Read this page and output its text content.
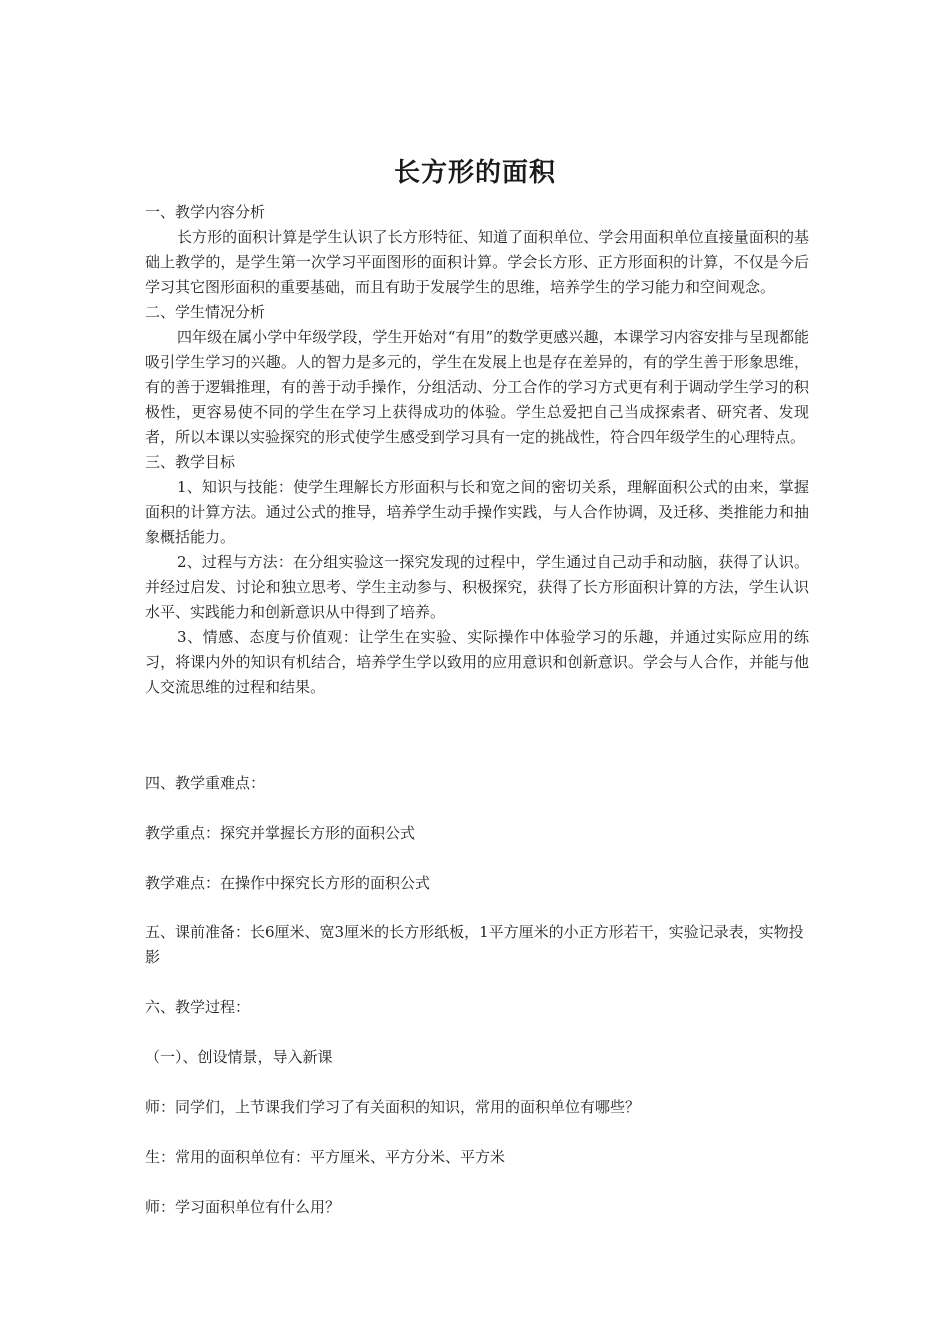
长方形的面积

一、教学内容分析

长方形的面积计算是学生认识了长方形特征、知道了面积单位、学会用面积单位直接量面积的基础上教学的，是学生第一次学习平面图形的面积计算。学会长方形、正方形面积的计算，不仅是今后学习其它图形面积的重要基础，而且有助于发展学生的思维，培养学生的学习能力和空间观念。

二、学生情况分析

四年级在属小学中年级学段，学生开始对“有用”的数学更感兴趣，本课学习内容安排与呈现都能吸引学生学习的兴趣。人的智力是多元的，学生在发展上也是存在差异的，有的学生善于形象思维，有的善于逻辑推理，有的善于动手操作，分组活动、分工合作的学习方式更有利于调动学生学习的积极性，更容易使不同的学生在学习上获得成功的体验。学生总爱把自己当成探索者、研究者、发现者，所以本课以实验探究的形式使学生感受到学习具有一定的挑战性，符合四年级学生的心理特点。

三、教学目标

1、知识与技能：使学生理解长方形面积与长和宽之间的密切关系，理解面积公式的由来，掌握面积的计算方法。通过公式的推导，培养学生动手操作实践，与人合作协调，及迁移、类推能力和抽象概括能力。

2、过程与方法：在分组实验这一探究发现的过程中，学生通过自己动手和动脑，获得了认识。并经过启发、讨论和独立思考、学生主动参与、积极探究，获得了长方形面积计算的方法，学生认识水平、实践能力和创新意识从中得到了培养。

3、情感、态度与价值观：让学生在实验、实际操作中体验学习的乐趣，并通过实际应用的练习，将课内外的知识有机结合，培养学生学以致用的应用意识和创新意识。学会与人合作，并能与他人交流思维的过程和结果。

四、教学重难点：

教学重点：探究并掌握长方形的面积公式

教学难点：在操作中探究长方形的面积公式

五、课前准备：长6厘米、宽3厘米的长方形纸板，1平方厘米的小正方形若干，实验记录表，实物投影

六、教学过程：

（一）、创设情景，导入新课

师：同学们，上节课我们学习了有关面积的知识，常用的面积单位有哪些？

生：常用的面积单位有：平方厘米、平方分米、平方米

师：学习面积单位有什么用？
